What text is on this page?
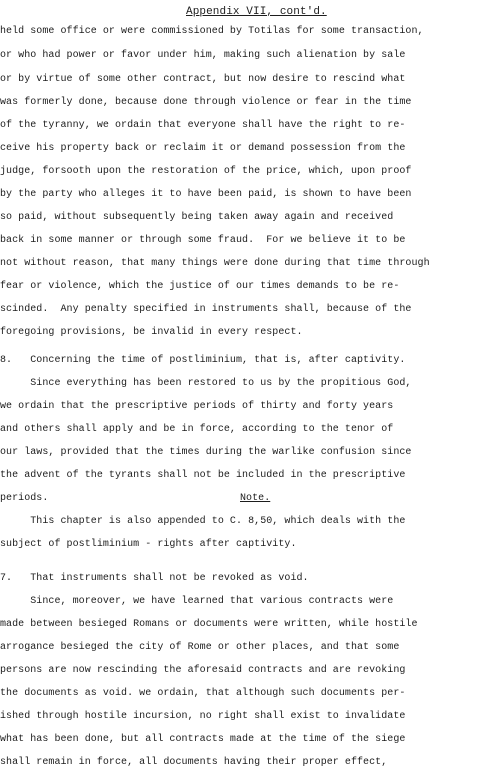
Appendix VII, cont'd.
held some office or were commissioned by Totilas for some transaction,
or who had power or favor under him, making such alienation by sale
or by virtue of some other contract, but now desire to rescind what
was formerly done, because done through violence or fear in the time
of the tyranny, we ordain that everyone shall have the right to re-
ceive his property back or reclaim it or demand possession from the
judge, forsooth upon the restoration of the price, which, upon proof
by the party who alleges it to have been paid, is shown to have been
so paid, without subsequently being taken away again and received
back in some manner or through some fraud.  For we believe it to be
not without reason, that many things were done during that time through
fear or violence, which the justice of our times demands to be re-
scinded.  Any penalty specified in instruments shall, because of the
foregoing provisions, be invalid in every respect.
8.   Concerning the time of postliminium, that is, after captivity.
Since everything has been restored to us by the propitious God,
we ordain that the prescriptive periods of thirty and forty years
and others shall apply and be in force, according to the tenor of
our laws, provided that the times during the warlike confusion since
the advent of the tyrants shall not be included in the prescriptive
periods.	Note.
This chapter is also appended to C. 8,50, which deals with the
subject of postliminium - rights after captivity.
7.   That instruments shall not be revoked as void.
Since, moreover, we have learned that various contracts were
made between besieged Romans or documents were written, while hostile
arrogance besieged the city of Rome or other places, and that some
persons are now rescinding the aforesaid contracts and are revoking
the documents as void. we ordain, that although such documents per-
ished through hostile incursion, no right shall exist to invalidate
what has been done, but all contracts made at the time of the siege
shall remain in force, all documents having their proper effect,
